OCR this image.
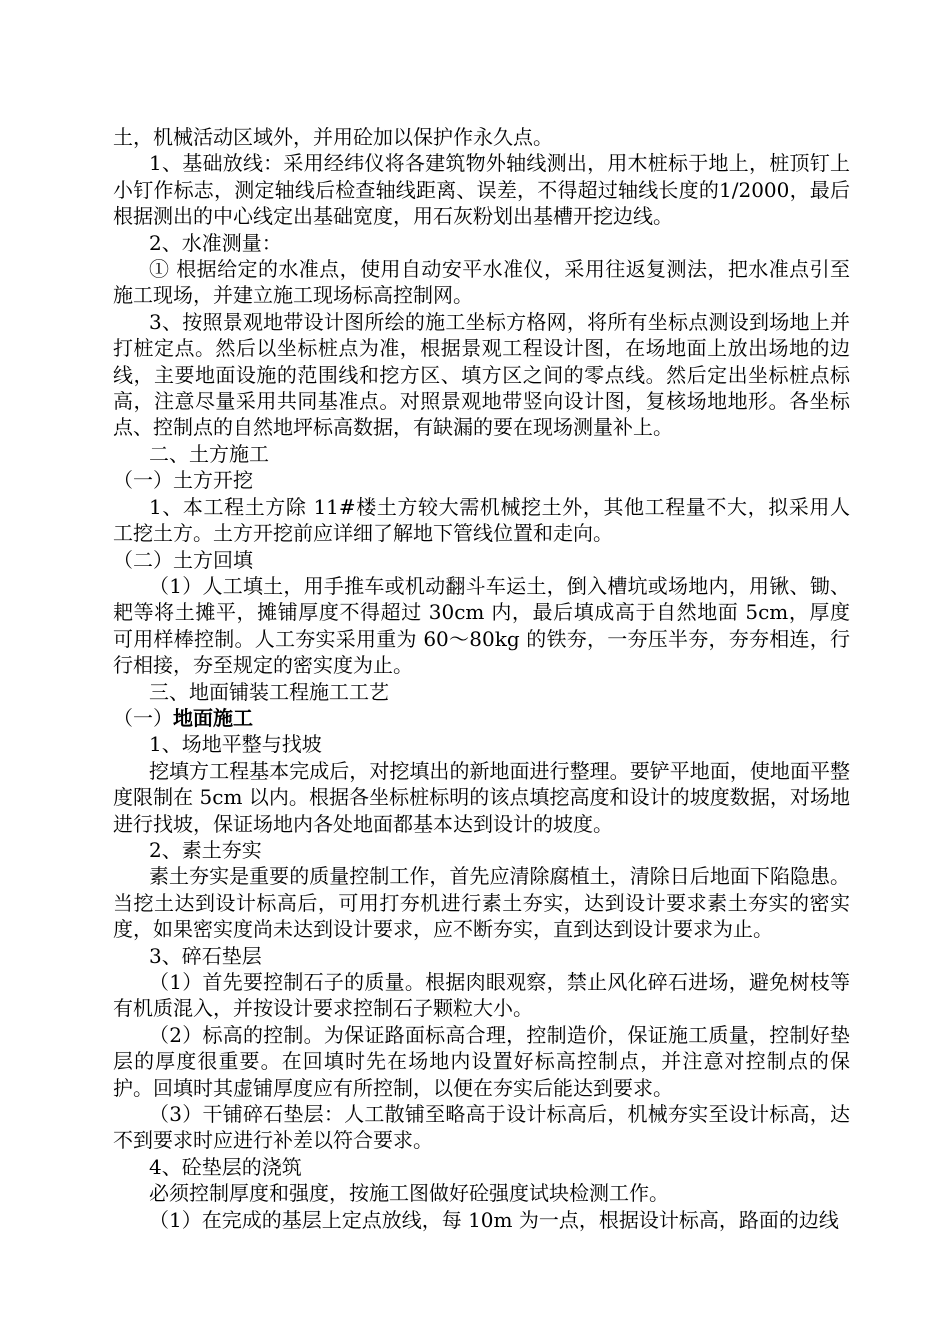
土，机械活动区域外，并用砼加以保护作永久点。

1、基础放线：采用经纬仪将各建筑物外轴线测出，用木桩标于地上，桩顶钉上小钉作标志，测定轴线后检查轴线距离、误差，不得超过轴线长度的1/2000，最后根据测出的中心线定出基础宽度，用石灰粉划出基槽开挖边线。

2、水准测量：

① 根据给定的水准点，使用自动安平水准仪，采用往返复测法，把水准点引至施工现场，并建立施工现场标高控制网。

3、按照景观地带设计图所绘的施工坐标方格网，将所有坐标点测设到场地上并打桩定点。然后以坐标桩点为准，根据景观工程设计图，在场地面上放出场地的边线，主要地面设施的范围线和挖方区、填方区之间的零点线。然后定出坐标桩点标高，注意尽量采用共同基准点。对照景观地带竖向设计图，复核场地地形。各坐标点、控制点的自然地坪标高数据，有缺漏的要在现场测量补上。

二、土方施工

（一）土方开挖

1、本工程土方除 11#楼土方较大需机械挖土外，其他工程量不大，拟采用人工挖土方。土方开挖前应详细了解地下管线位置和走向。

（二）土方回填

（1）人工填土，用手推车或机动翻斗车运土，倒入槽坑或场地内，用锹、锄、耙等将土摊平，摊铺厚度不得超过 30cm 内，最后填成高于自然地面 5cm，厚度可用样棒控制。人工夯实采用重为 60～80kg 的铁夯，一夯压半夯，夯夯相连，行行相接，夯至规定的密实度为止。

三、地面铺装工程施工工艺

（一）地面施工

1、场地平整与找坡

挖填方工程基本完成后，对挖填出的新地面进行整理。要铲平地面，使地面平整度限制在 5cm 以内。根据各坐标桩标明的该点填挖高度和设计的坡度数据，对场地进行找坡，保证场地内各处地面都基本达到设计的坡度。

2、素土夯实

素土夯实是重要的质量控制工作，首先应清除腐植土，清除日后地面下陷隐患。当挖土达到设计标高后，可用打夯机进行素土夯实，达到设计要求素土夯实的密实度，如果密实度尚未达到设计要求，应不断夯实，直到达到设计要求为止。

3、碎石垫层

（1）首先要控制石子的质量。根据肉眼观察，禁止风化碎石进场，避免树枝等有机质混入，并按设计要求控制石子颗粒大小。

（2）标高的控制。为保证路面标高合理，控制造价，保证施工质量，控制好垫层的厚度很重要。在回填时先在场地内设置好标高控制点，并注意对控制点的保护。回填时其虚铺厚度应有所控制，以便在夯实后能达到要求。

（3）干铺碎石垫层：人工散铺至略高于设计标高后，机械夯实至设计标高，达不到要求时应进行补差以符合要求。

4、砼垫层的浇筑

必须控制厚度和强度，按施工图做好砼强度试块检测工作。

（1）在完成的基层上定点放线，每 10m 为一点，根据设计标高，路面的边线
